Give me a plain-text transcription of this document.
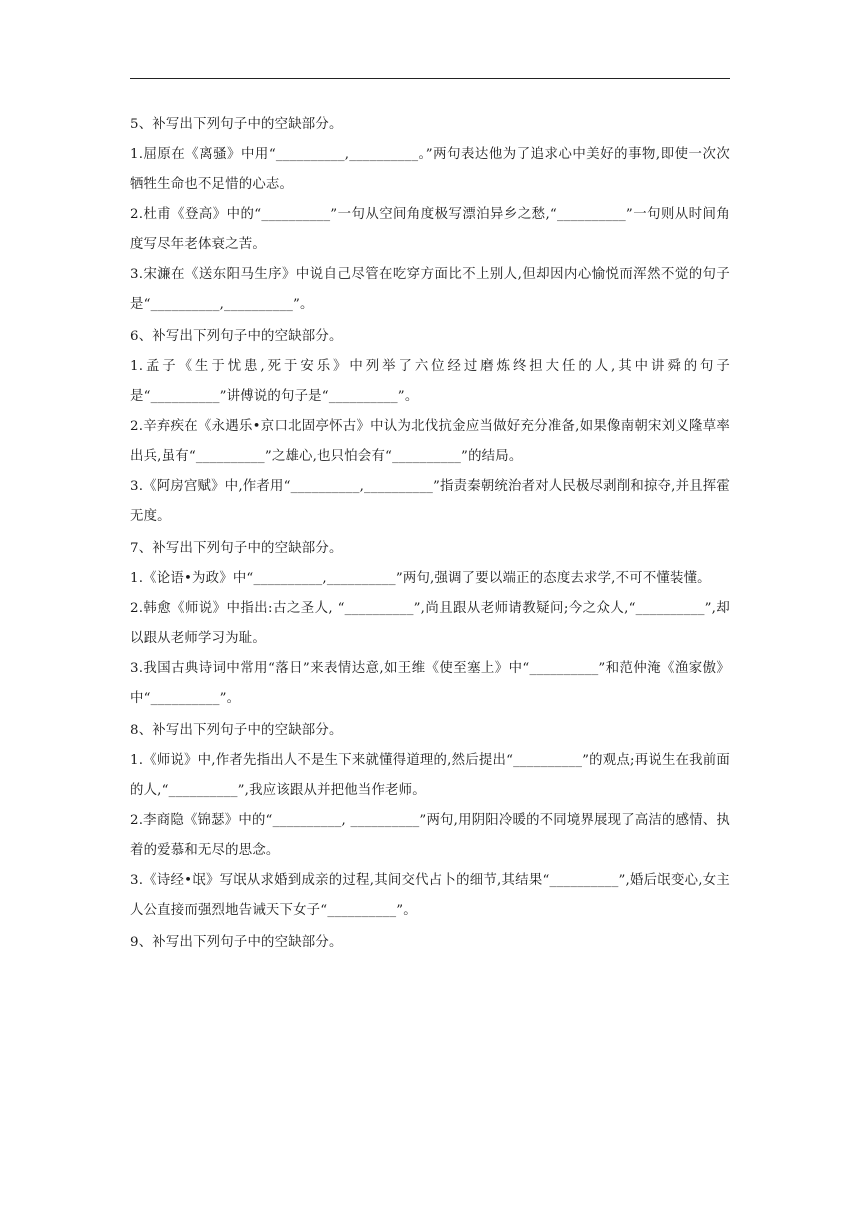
5、补写出下列句子中的空缺部分。

1.屈原在《离骚》中用“__________,__________。”两句表达他为了追求心中美好的事物,即使一次次牺牲生命也不足惜的心志。

2.杜甫《登高》中的“__________”一句从空间角度极写漂泊异乡之愁,“__________”一句则从时间角度写尽年老体衰之苦。

3.宋濂在《送东阳马生序》中说自己尽管在吃穿方面比不上别人,但却因内心愉悦而浑然不觉的句子是“__________,__________”。

6、补写出下列句子中的空缺部分。

1.孟子《生于忧患,死于安乐》中列举了六位经过磨炼终担大任的人,其中讲舜的句子是“__________”讲傅说的句子是“__________”。

2.辛弃疾在《永遇乐•京口北固亭怀古》中认为北伐抗金应当做好充分准备,如果像南朝宋刘义隆草率出兵,虽有“__________”之雄心,也只怕会有“__________”的结局。

3.《阿房宫赋》中,作者用“__________,__________”指责秦朝统治者对人民极尽剥削和掠夺,并且挥霍无度。

7、补写出下列句子中的空缺部分。

1.《论语•为政》中“__________,__________”两句,强调了要以端正的态度去求学,不可不懂装懂。

2.韩愈《师说》中指出:古之圣人, “__________”,尚且跟从老师请教疑问;今之众人,“__________”,却以跟从老师学习为耻。

3.我国古典诗词中常用“落日”来表情达意,如王维《使至塞上》中“__________”和范仲淹《渔家傲》中“__________”。

8、补写出下列句子中的空缺部分。

1.《师说》中,作者先指出人不是生下来就懂得道理的,然后提出“__________”的观点;再说生在我前面的人,“__________”,我应该跟从并把他当作老师。

2.李商隐《锦瑟》中的“__________, __________”两句,用阴阳冷暖的不同境界展现了高洁的感情、执着的爱慕和无尽的思念。

3.《诗经•氓》写氓从求婚到成亲的过程,其间交代占卜的细节,其结果“__________”,婚后氓变心,女主人公直接而强烈地告诫天下女子“__________”。

9、补写出下列句子中的空缺部分。
